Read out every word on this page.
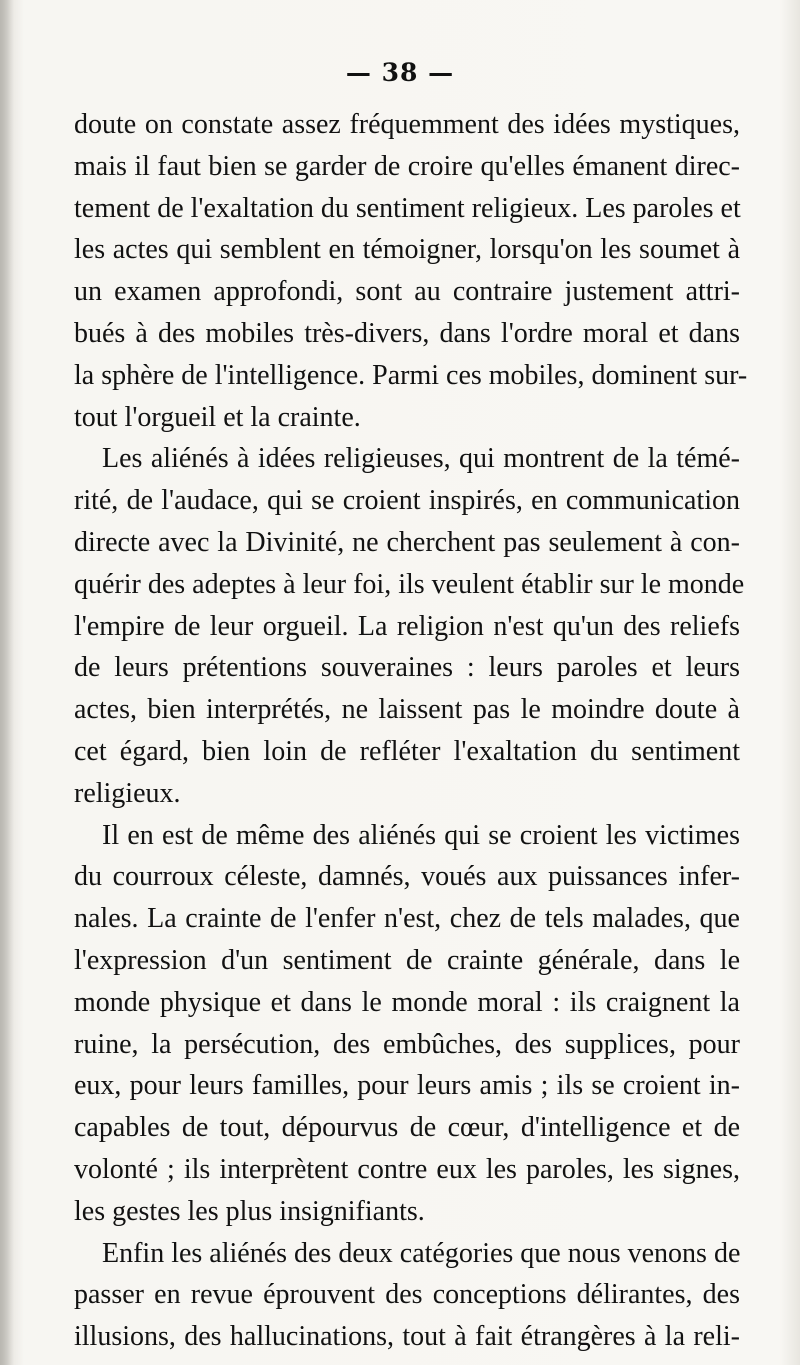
— 38 —
doute on constate assez fréquemment des idées mystiques,
mais il faut bien se garder de croire qu'elles émanent direc-
tement de l'exaltation du sentiment religieux. Les paroles et
les actes qui semblent en témoigner, lorsqu'on les soumet à
un examen approfondi, sont au contraire justement attri-
bués à des mobiles très-divers, dans l'ordre moral et dans
la sphère de l'intelligence. Parmi ces mobiles, dominent sur-
tout l'orgueil et la crainte.
Les aliénés à idées religieuses, qui montrent de la témé-
rité, de l'audace, qui se croient inspirés, en communication
directe avec la Divinité, ne cherchent pas seulement à con-
quérir des adeptes à leur foi, ils veulent établir sur le monde
l'empire de leur orgueil. La religion n'est qu'un des reliefs
de leurs prétentions souveraines : leurs paroles et leurs
actes, bien interprétés, ne laissent pas le moindre doute à
cet égard, bien loin de refléter l'exaltation du sentiment
religieux.
Il en est de même des aliénés qui se croient les victimes
du courroux céleste, damnés, voués aux puissances infer-
nales. La crainte de l'enfer n'est, chez de tels malades, que
l'expression d'un sentiment de crainte générale, dans le
monde physique et dans le monde moral : ils craignent la
ruine, la persécution, des embûches, des supplices, pour
eux, pour leurs familles, pour leurs amis ; ils se croient in-
capables de tout, dépourvus de cœur, d'intelligence et de
volonté ; ils interprètent contre eux les paroles, les signes,
les gestes les plus insignifiants.
Enfin les aliénés des deux catégories que nous venons de
passer en revue éprouvent des conceptions délirantes, des
illusions, des hallucinations, tout à fait étrangères à la reli-
